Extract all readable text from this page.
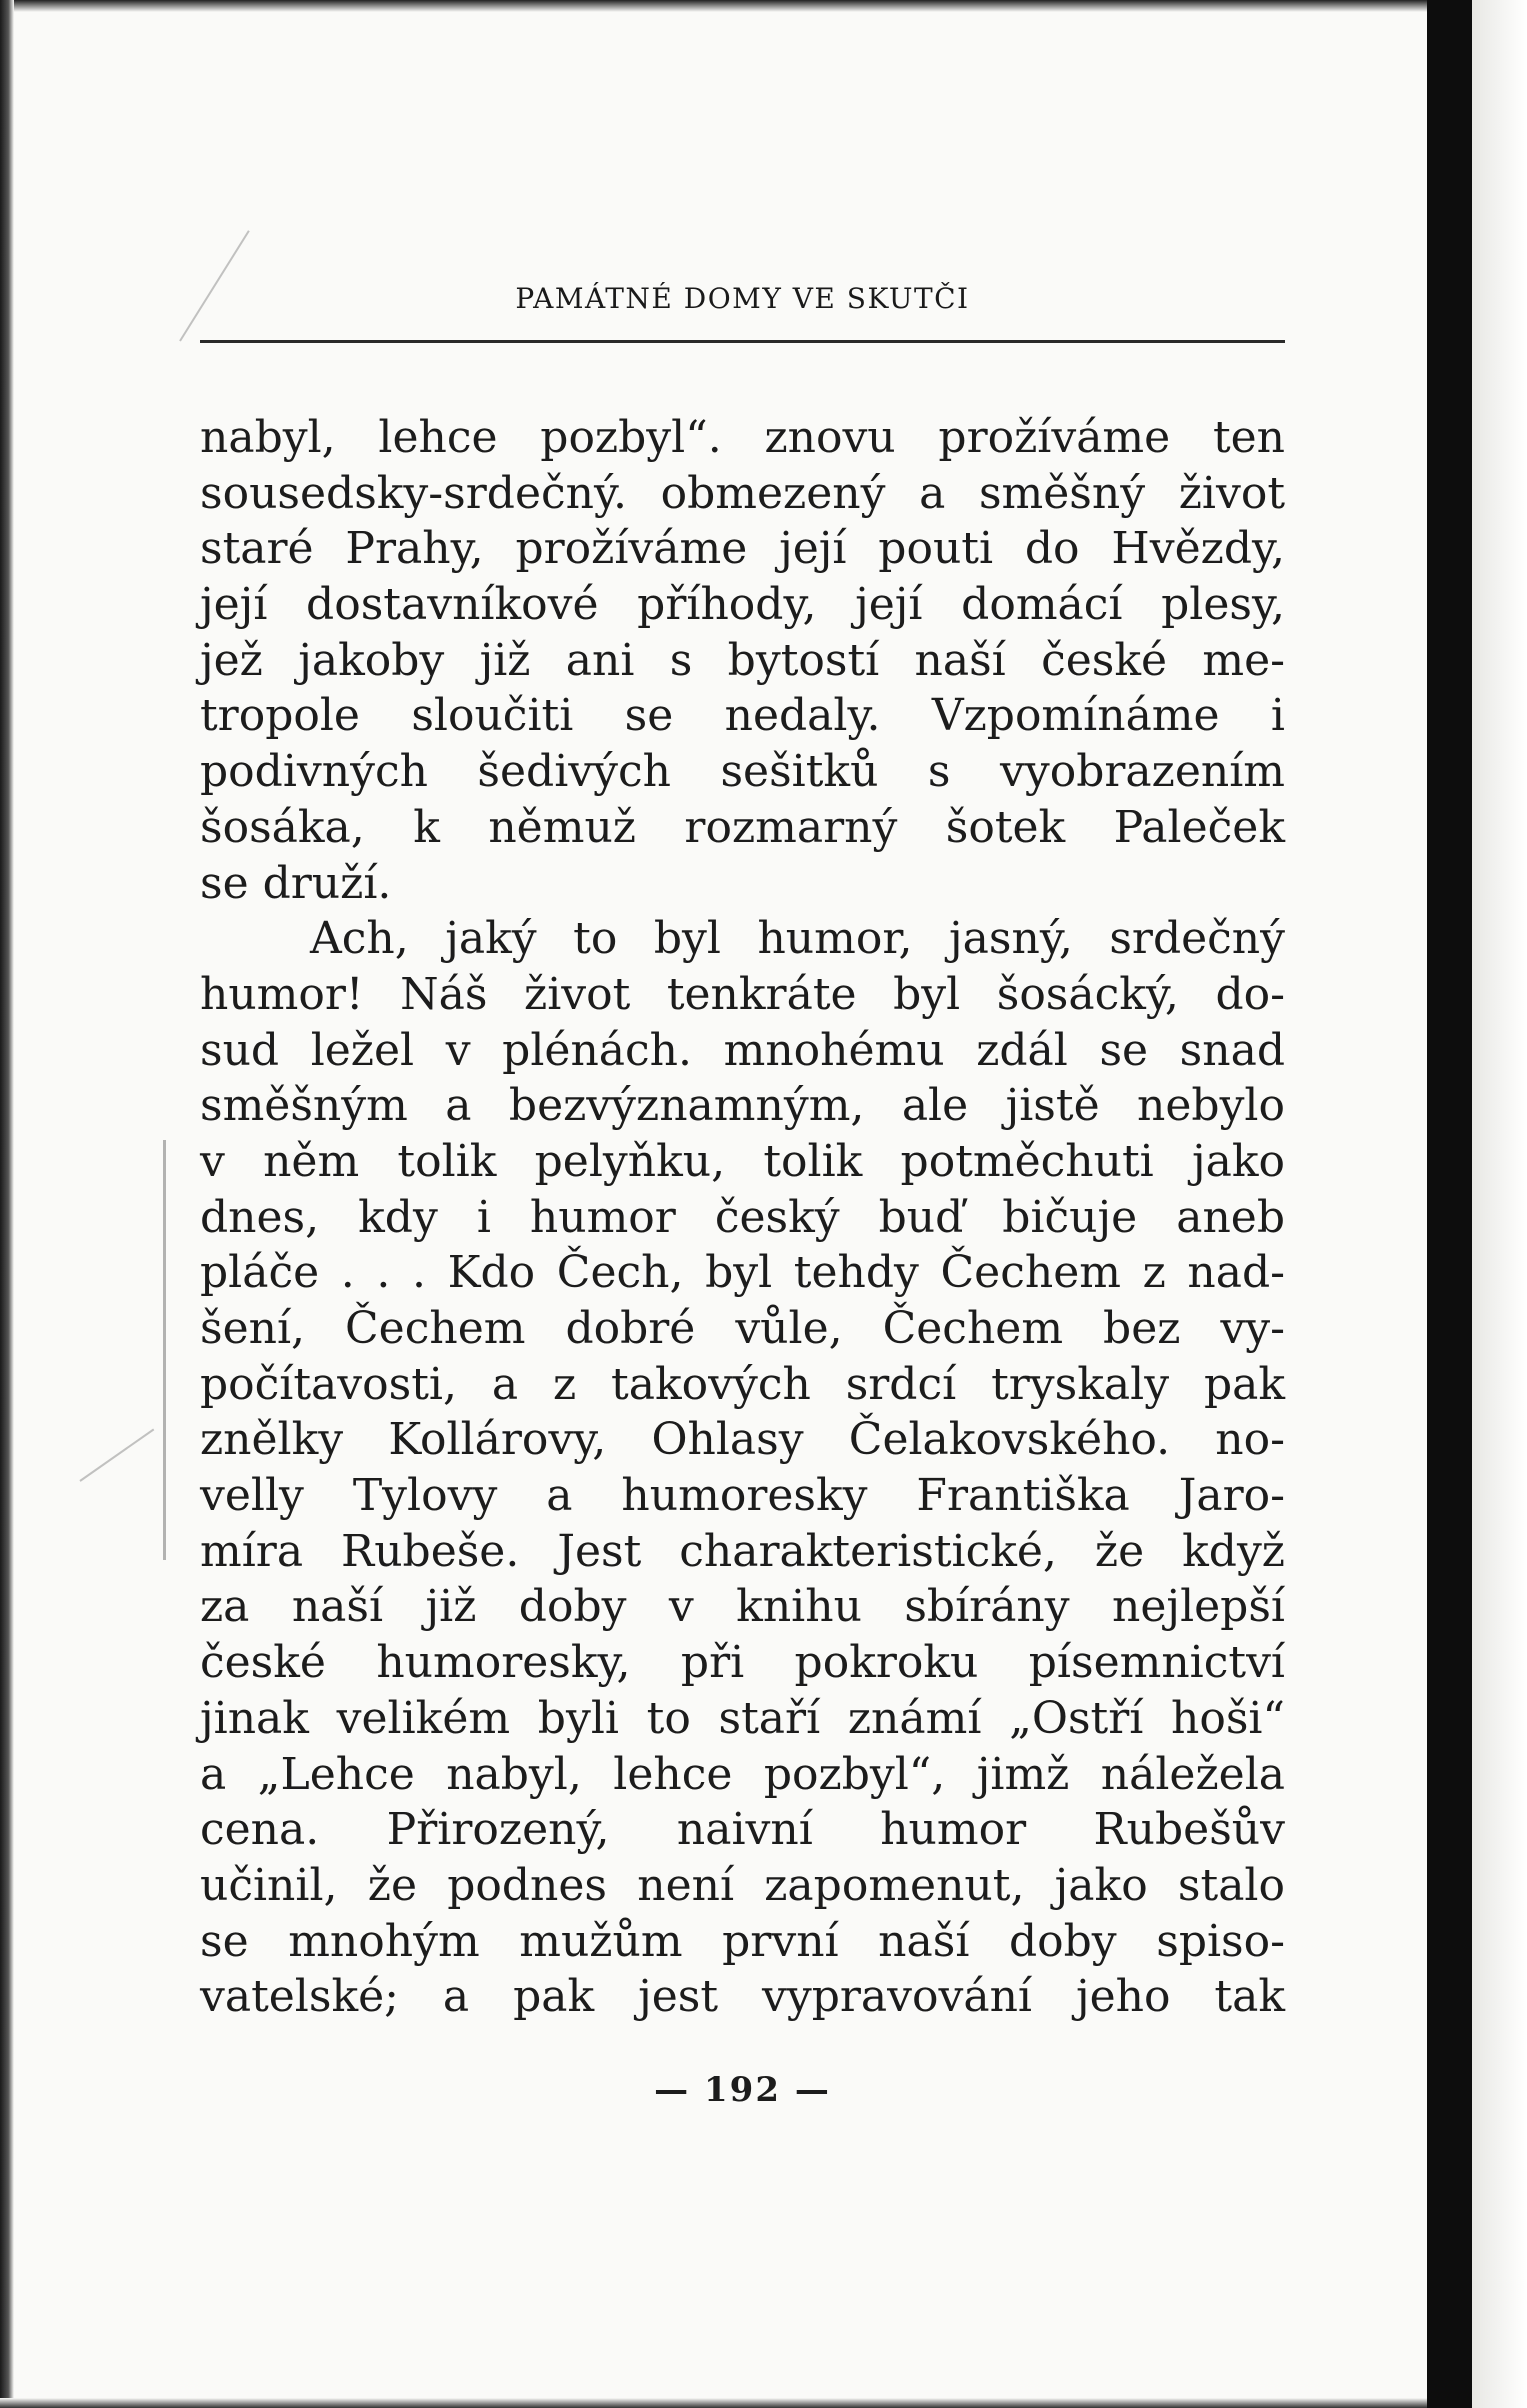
PAMÁTNÉ DOMY VE SKUTČI
nabyl, lehce pozbyl“. znovu prožíváme ten
sousedsky-srdečný. obmezený a směšný život
staré Prahy, prožíváme její pouti do Hvězdy,
její dostavníkové příhody, její domácí plesy,
jež jakoby již ani s bytostí naší české me-
tropole sloučiti se nedaly. Vzpomínáme i
podivných šedivých sešitků s vyobrazením
šosáka, k němuž rozmarný šotek Paleček
se druží.
Ach, jaký to byl humor, jasný, srdečný
humor! Náš život tenkráte byl šosácký, do-
sud ležel v plénách. mnohému zdál se snad
směšným a bezvýznamným, ale jistě nebylo
v něm tolik pelyňku, tolik potměchuti jako
dnes, kdy i humor český buď bičuje aneb
pláče . . . Kdo Čech, byl tehdy Čechem z nad-
šení, Čechem dobré vůle, Čechem bez vy-
počítavosti, a z takových srdcí tryskaly pak
znělky Kollárovy, Ohlasy Čelakovského. no-
velly Tylovy a humoresky Františka Jaro-
míra Rubeše. Jest charakteristické, že když
za naší již doby v knihu sbírány nejlepší
české humoresky, při pokroku písemnictví
jinak velikém byli to staří známí „Ostří hoši“
a „Lehce nabyl, lehce pozbyl“, jimž náležela
cena. Přirozený, naivní humor Rubešův
učinil, že podnes není zapomenut, jako stalo
se mnohým mužům první naší doby spiso-
vatelské; a pak jest vypravování jeho tak
— 192 —
